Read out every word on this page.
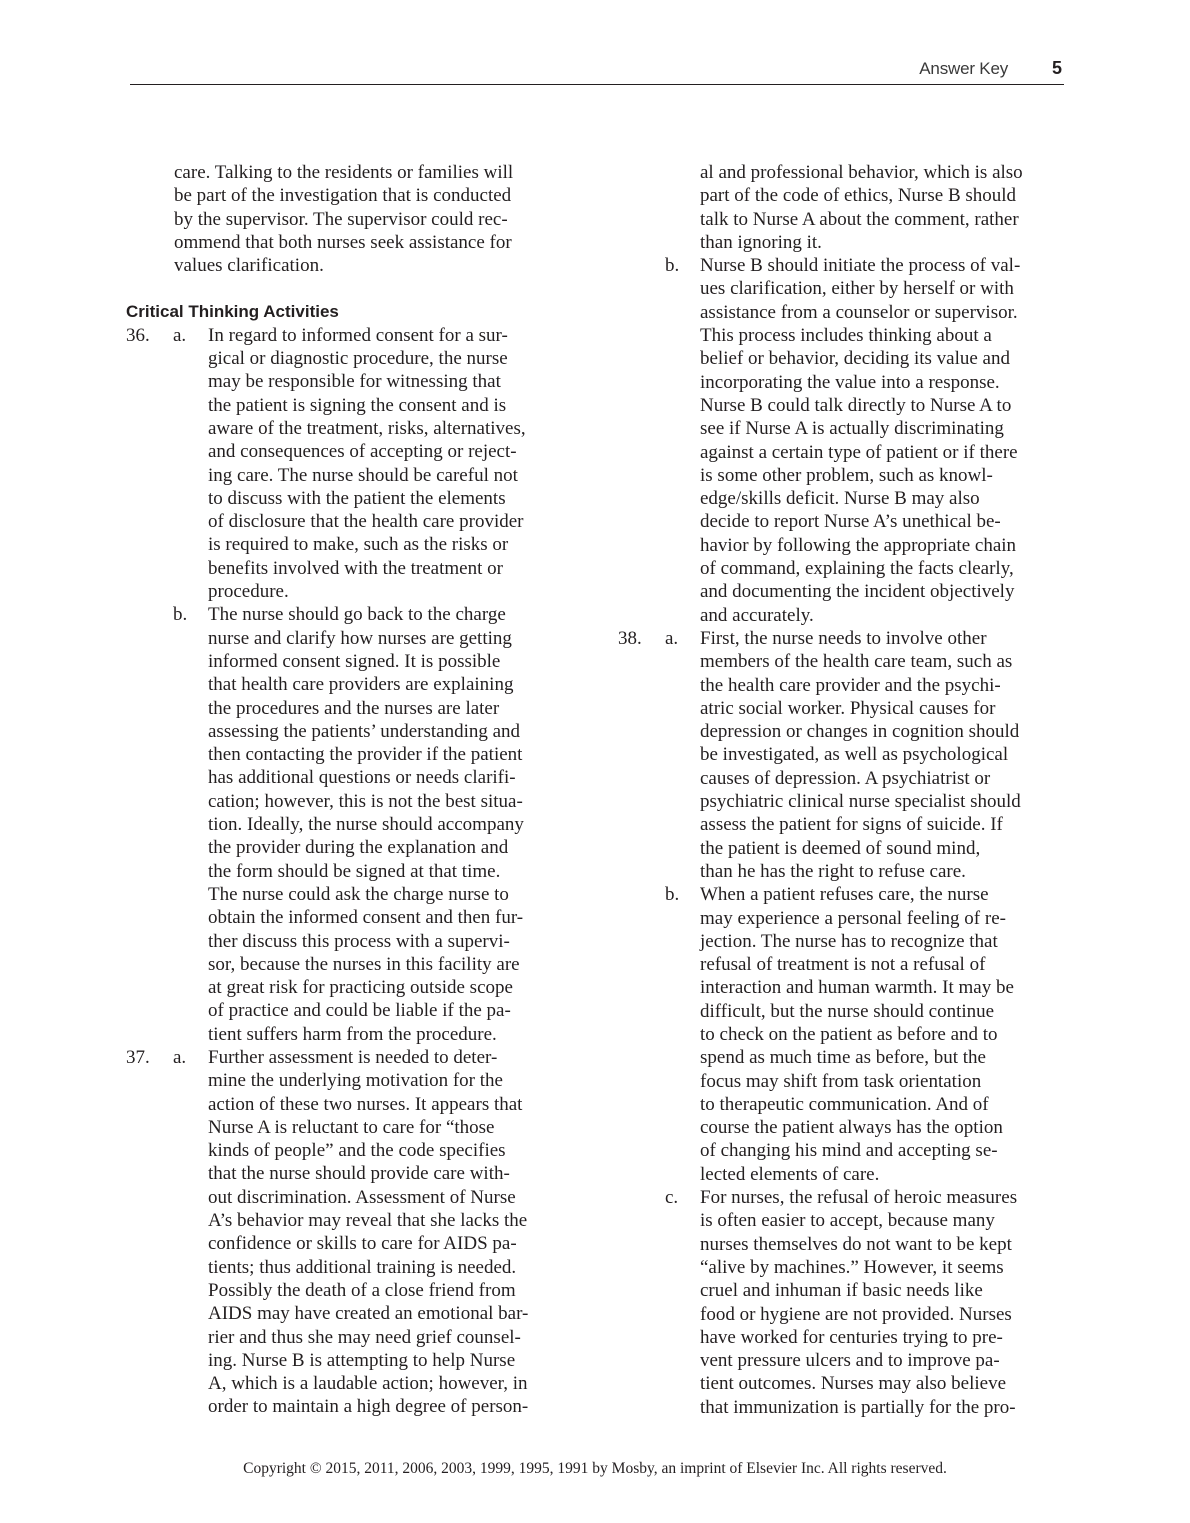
Answer Key 5
care. Talking to the residents or families will
be part of the investigation that is conducted
by the supervisor. The supervisor could rec-
ommend that both nurses seek assistance for
values clarification.
Critical Thinking Activities
36. a.	In regard to informed consent for a sur-
gical or diagnostic procedure, the nurse
may be responsible for witnessing that
the patient is signing the consent and is
aware of the treatment, risks, alternatives,
and consequences of accepting or reject-
ing care. The nurse should be careful not
to discuss with the patient the elements
of disclosure that the health care provider
is required to make, such as the risks or
benefits involved with the treatment or
procedure.
b.	The nurse should go back to the charge
nurse and clarify how nurses are getting
informed consent signed. It is possible
that health care providers are explaining
the procedures and the nurses are later
assessing the patients’ understanding and
then contacting the provider if the patient
has additional questions or needs clarifi-
cation; however, this is not the best situa-
tion. Ideally, the nurse should accompany
the provider during the explanation and
the form should be signed at that time.
The nurse could ask the charge nurse to
obtain the informed consent and then fur-
ther discuss this process with a supervi-
sor, because the nurses in this facility are
at great risk for practicing outside scope
of practice and could be liable if the pa-
tient suffers harm from the procedure.
37. a.	Further assessment is needed to deter-
mine the underlying motivation for the
action of these two nurses. It appears that
Nurse A is reluctant to care for “those
kinds of people” and the code specifies
that the nurse should provide care with-
out discrimination. Assessment of Nurse
A’s behavior may reveal that she lacks the
confidence or skills to care for AIDS pa-
tients; thus additional training is needed.
Possibly the death of a close friend from
AIDS may have created an emotional bar-
rier and thus she may need grief counsel-
ing. Nurse B is attempting to help Nurse
A, which is a laudable action; however, in
order to maintain a high degree of person-
al and professional behavior, which is also
part of the code of ethics, Nurse B should
talk to Nurse A about the comment, rather
than ignoring it.
b.	Nurse B should initiate the process of val-
ues clarification, either by herself or with
assistance from a counselor or supervisor.
This process includes thinking about a
belief or behavior, deciding its value and
incorporating the value into a response.
Nurse B could talk directly to Nurse A to
see if Nurse A is actually discriminating
against a certain type of patient or if there
is some other problem, such as knowl-
edge/skills deficit. Nurse B may also
decide to report Nurse A’s unethical be-
havior by following the appropriate chain
of command, explaining the facts clearly,
and documenting the incident objectively
and accurately.
38. a.	First, the nurse needs to involve other
members of the health care team, such as
the health care provider and the psychi-
atric social worker. Physical causes for
depression or changes in cognition should
be investigated, as well as psychological
causes of depression. A psychiatrist or
psychiatric clinical nurse specialist should
assess the patient for signs of suicide. If
the patient is deemed of sound mind,
than he has the right to refuse care.
b.	When a patient refuses care, the nurse
may experience a personal feeling of re-
jection. The nurse has to recognize that
refusal of treatment is not a refusal of
interaction and human warmth. It may be
difficult, but the nurse should continue
to check on the patient as before and to
spend as much time as before, but the
focus may shift from task orientation
to therapeutic communication. And of
course the patient always has the option
of changing his mind and accepting se-
lected elements of care.
c.	For nurses, the refusal of heroic measures
is often easier to accept, because many
nurses themselves do not want to be kept
“alive by machines.” However, it seems
cruel and inhuman if basic needs like
food or hygiene are not provided. Nurses
have worked for centuries trying to pre-
vent pressure ulcers and to improve pa-
tient outcomes. Nurses may also believe
that immunization is partially for the pro-
Copyright © 2015, 2011, 2006, 2003, 1999, 1995, 1991 by Mosby, an imprint of Elsevier Inc. All rights reserved.
